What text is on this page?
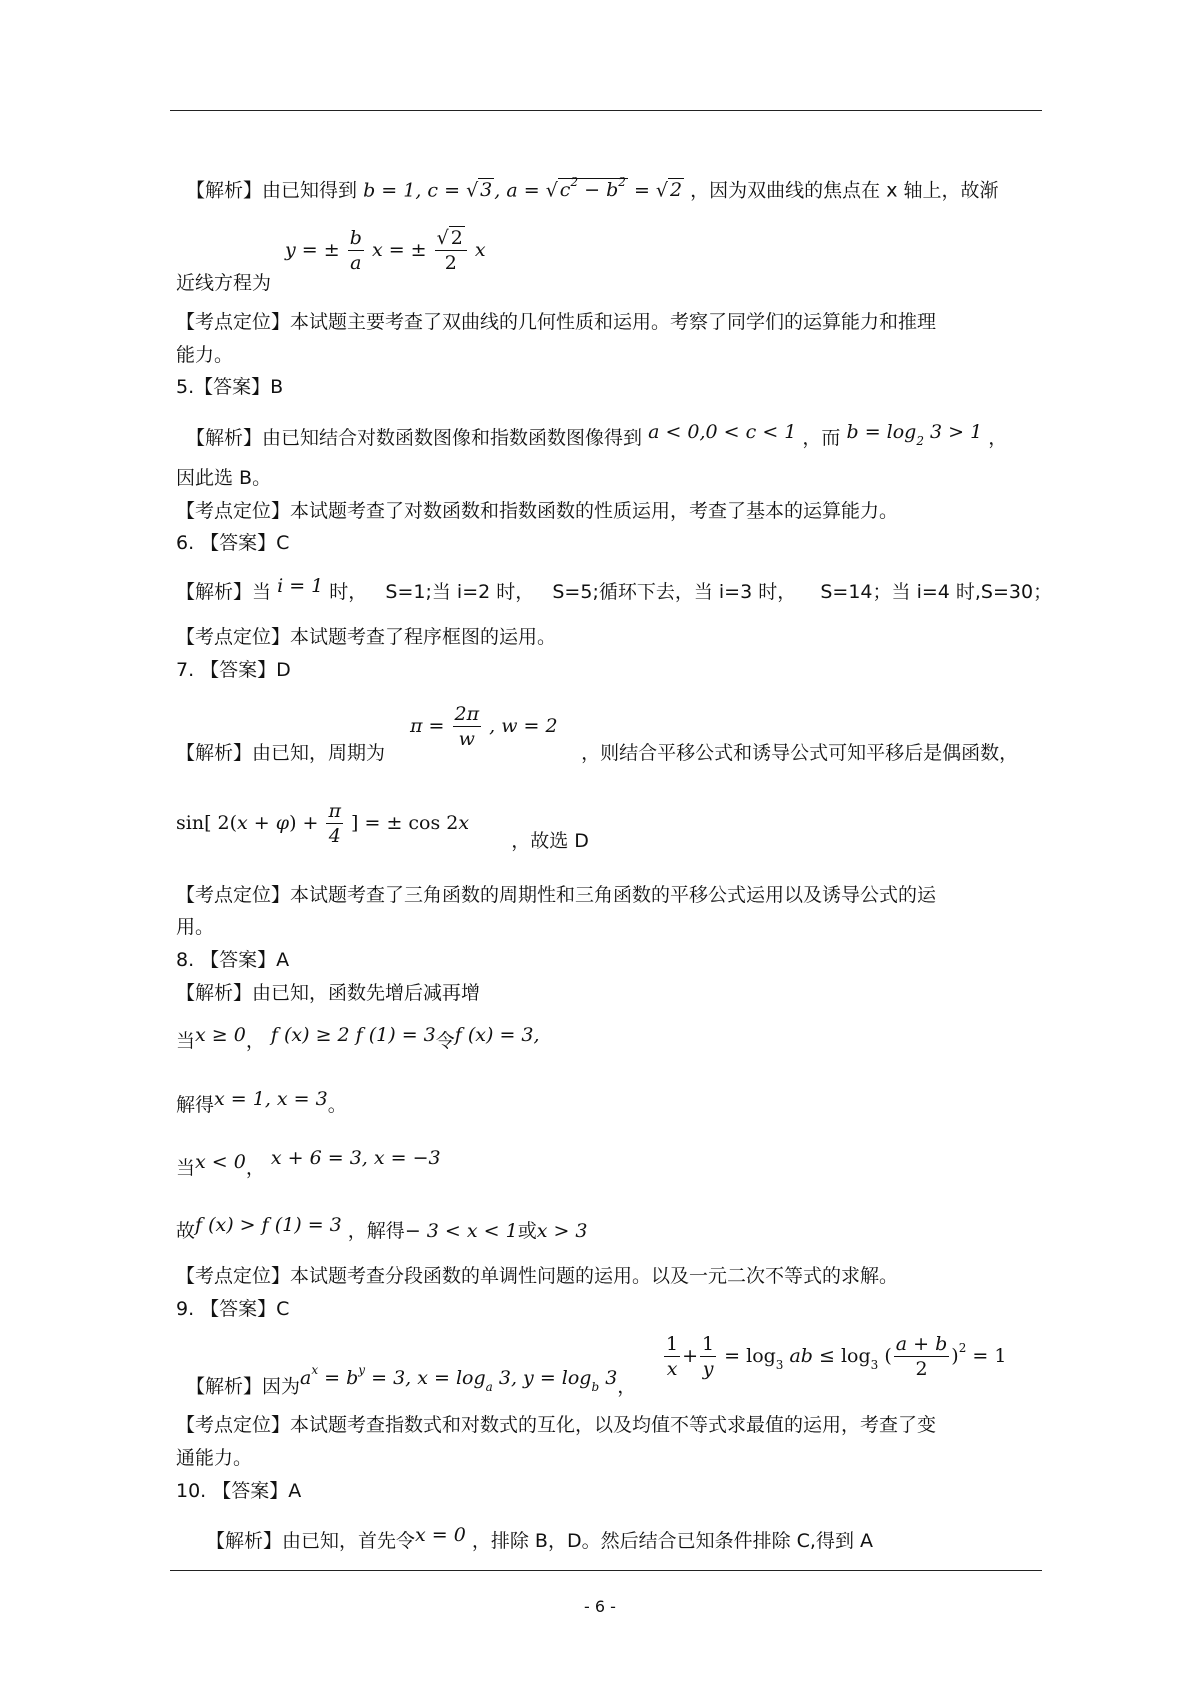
【解析】由已知得到 b = 1, c = √ 3 , a = √ $c^2 - b^2$ = √ 2 ，因为双曲线的焦点在 x 轴上，故渐
y = ± $\frac{b}{a}$ x = ± $\frac{√ 2}{2}$ x
近线方程为
【考点定位】本试题主要考查了双曲线的几何性质和运用。考察了同学们的运算能力和推理
能力。
5.【答案】B
【解析】由已知结合对数函数图像和指数函数图像得到 a < 0,0 < c < 1 ，而 $b = \log_2 3 > 1$ ，
因此选 B。
【考点定位】本试题考查了对数函数和指数函数的性质运用，考查了基本的运算能力。
6. 【答案】C
【解析】当 i = 1 时，   S=1;当 i=2 时，   S=5;循环下去，当 i=3 时，    S=14；当 i=4 时,S=30；
【考点定位】本试题考查了程序框图的运用。
7. 【答案】D
$\pi = \frac{2\pi}{w}$ , w = 2
【解析】由已知，周期为	，则结合平移公式和诱导公式可知平移后是偶函数，
sin[ $2(x + \varphi) + \frac{\pi}{4}$ ] = ± cos 2x  ，故选 D
【考点定位】本试题考查了三角函数的周期性和三角函数的平移公式运用以及诱导公式的运
用。
8. 【答案】A
【解析】由已知，函数先增后减再增
当x ≥ 0， f (x) ≥ 2 f (1) = 3令f (x) = 3,
解得x = 1, x = 3。
当x < 0， x + 6 = 3, x = −3
故f (x) > f (1) = 3 ，解得− 3 < x < 1或x > 3
【考点定位】本试题考查分段函数的单调性问题的运用。以及一元二次不等式的求解。
9. 【答案】C
【解析】因为$a^x = b^y = 3$, $x = \log_a 3$, $y = \log_b 3$，
$\frac{1}{x} + \frac{1}{y} = \log_3$ ab ≤ $\log_3$ ( $\frac{a + b}{2} )^2 = 1$
【考点定位】本试题考查指数式和对数式的互化，以及均值不等式求最值的运用，考查了变
通能力。
10. 【答案】A
【解析】由已知，首先令x = 0 ，排除 B，D。然后结合已知条件排除 C,得到 A
- 6 -
